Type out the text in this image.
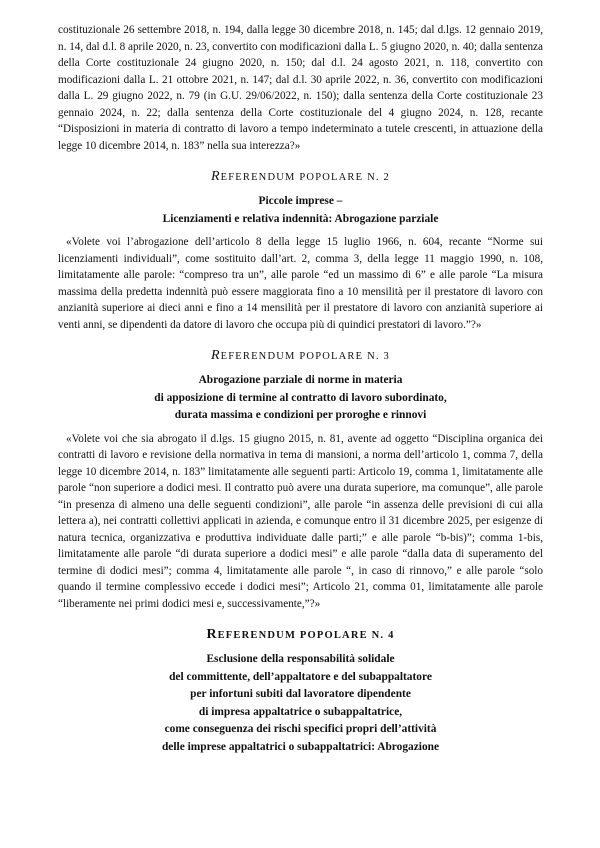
costituzionale 26 settembre 2018, n. 194, dalla legge 30 dicembre 2018, n. 145; dal d.lgs. 12 gennaio 2019, n. 14, dal d.l. 8 aprile 2020, n. 23, convertito con modificazioni dalla L. 5 giugno 2020, n. 40; dalla sentenza della Corte costituzionale 24 giugno 2020, n. 150; dal d.l. 24 agosto 2021, n. 118, convertito con modificazioni dalla L. 21 ottobre 2021, n. 147; dal d.l. 30 aprile 2022, n. 36, convertito con modificazioni dalla L. 29 giugno 2022, n. 79 (in G.U. 29/06/2022, n. 150); dalla sentenza della Corte costituzionale 23 gennaio 2024, n. 22; dalla sentenza della Corte costituzionale del 4 giugno 2024, n. 128, recante “Disposizioni in materia di contratto di lavoro a tempo indeterminato a tutele crescenti, in attuazione della legge 10 dicembre 2014, n. 183” nella sua interezza?»

REFERENDUM POPOLARE N. 2
Piccole imprese –
Licenziamenti e relativa indennità: Abrogazione parziale

«Volete voi l’abrogazione dell’articolo 8 della legge 15 luglio 1966, n. 604, recante “Norme sui licenziamenti individuali”, come sostituito dall’art. 2, comma 3, della legge 11 maggio 1990, n. 108, limitatamente alle parole: “compreso tra un”, alle parole “ed un massimo di 6” e alle parole “La misura massima della predetta indennità può essere maggiorata fino a 10 mensilità per il prestatore di lavoro con anzianità superiore ai dieci anni e fino a 14 mensilità per il prestatore di lavoro con anzianità superiore ai venti anni, se dipendenti da datore di lavoro che occupa più di quindici prestatori di lavoro.”?»

REFERENDUM POPOLARE N. 3
Abrogazione parziale di norme in materia
di apposizione di termine al contratto di lavoro subordinato,
durata massima e condizioni per proroghe e rinnovi

«Volete voi che sia abrogato il d.lgs. 15 giugno 2015, n. 81, avente ad oggetto “Disciplina organica dei contratti di lavoro e revisione della normativa in tema di mansioni, a norma dell’articolo 1, comma 7, della legge 10 dicembre 2014, n. 183” limitatamente alle seguenti parti: Articolo 19, comma 1, limitatamente alle parole “non superiore a dodici mesi. Il contratto può avere una durata superiore, ma comunque”, alle parole “in presenza di almeno una delle seguenti condizioni”, alle parole “in assenza delle previsioni di cui alla lettera a), nei contratti collettivi applicati in azienda, e comunque entro il 31 dicembre 2025, per esigenze di natura tecnica, organizzativa e produttiva individuate dalle parti;” e alle parole “b-bis)”; comma 1-bis, limitatamente alle parole “di durata superiore a dodici mesi” e alle parole “dalla data di superamento del termine di dodici mesi”; comma 4, limitatamente alle parole “, in caso di rinnovo,” e alle parole “solo quando il termine complessivo eccede i dodici mesi”; Articolo 21, comma 01, limitatamente alle parole “liberamente nei primi dodici mesi e, successivamente,”?»

REFERENDUM POPOLARE N. 4
Esclusione della responsabilità solidale
del committente, dell’appaltatore e del subappaltatore
per infortuni subiti dal lavoratore dipendente
di impresa appaltatrice o subappaltatrice,
come conseguenza dei rischi specifici propri dell’attività
delle imprese appaltatrici o subappaltatrici: Abrogazione
